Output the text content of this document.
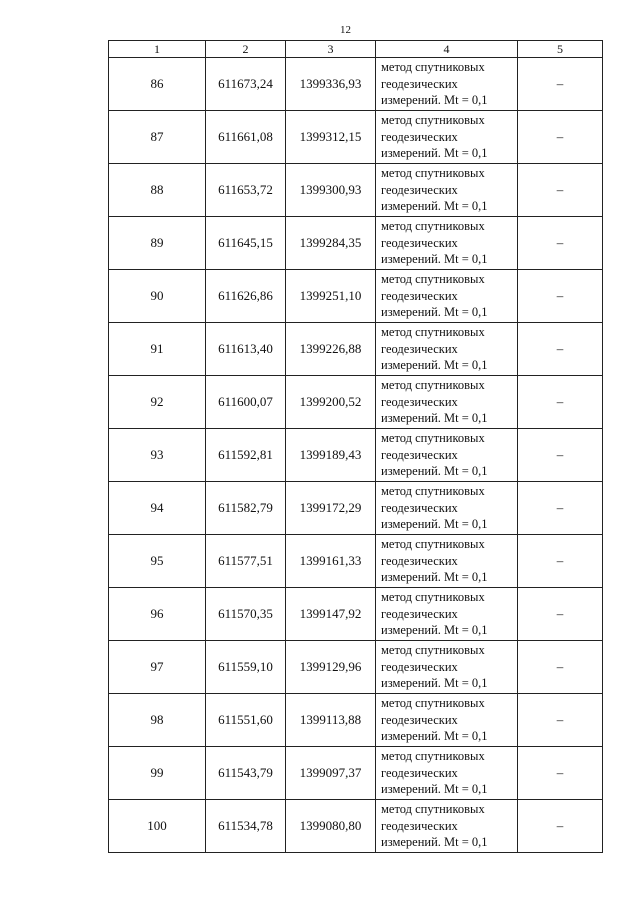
12
1	2	3	4	5
86	611673,24	1399336,93	метод спутниковых
геодезических
измерений. Mt = 0,1	–
87	611661,08	1399312,15	метод спутниковых
геодезических
измерений. Mt = 0,1	–
88	611653,72	1399300,93	метод спутниковых
геодезических
измерений. Mt = 0,1	–
89	611645,15	1399284,35	метод спутниковых
геодезических
измерений. Mt = 0,1	–
90	611626,86	1399251,10	метод спутниковых
геодезических
измерений. Mt = 0,1	–
91	611613,40	1399226,88	метод спутниковых
геодезических
измерений. Mt = 0,1	–
92	611600,07	1399200,52	метод спутниковых
геодезических
измерений. Mt = 0,1	–
93	611592,81	1399189,43	метод спутниковых
геодезических
измерений. Mt = 0,1	–
94	611582,79	1399172,29	метод спутниковых
геодезических
измерений. Mt = 0,1	–
95	611577,51	1399161,33	метод спутниковых
геодезических
измерений. Mt = 0,1	–
96	611570,35	1399147,92	метод спутниковых
геодезических
измерений. Mt = 0,1	–
97	611559,10	1399129,96	метод спутниковых
геодезических
измерений. Mt = 0,1	–
98	611551,60	1399113,88	метод спутниковых
геодезических
измерений. Mt = 0,1	–
99	611543,79	1399097,37	метод спутниковых
геодезических
измерений. Mt = 0,1	–
100	611534,78	1399080,80	метод спутниковых
геодезических
измерений. Mt = 0,1	–
